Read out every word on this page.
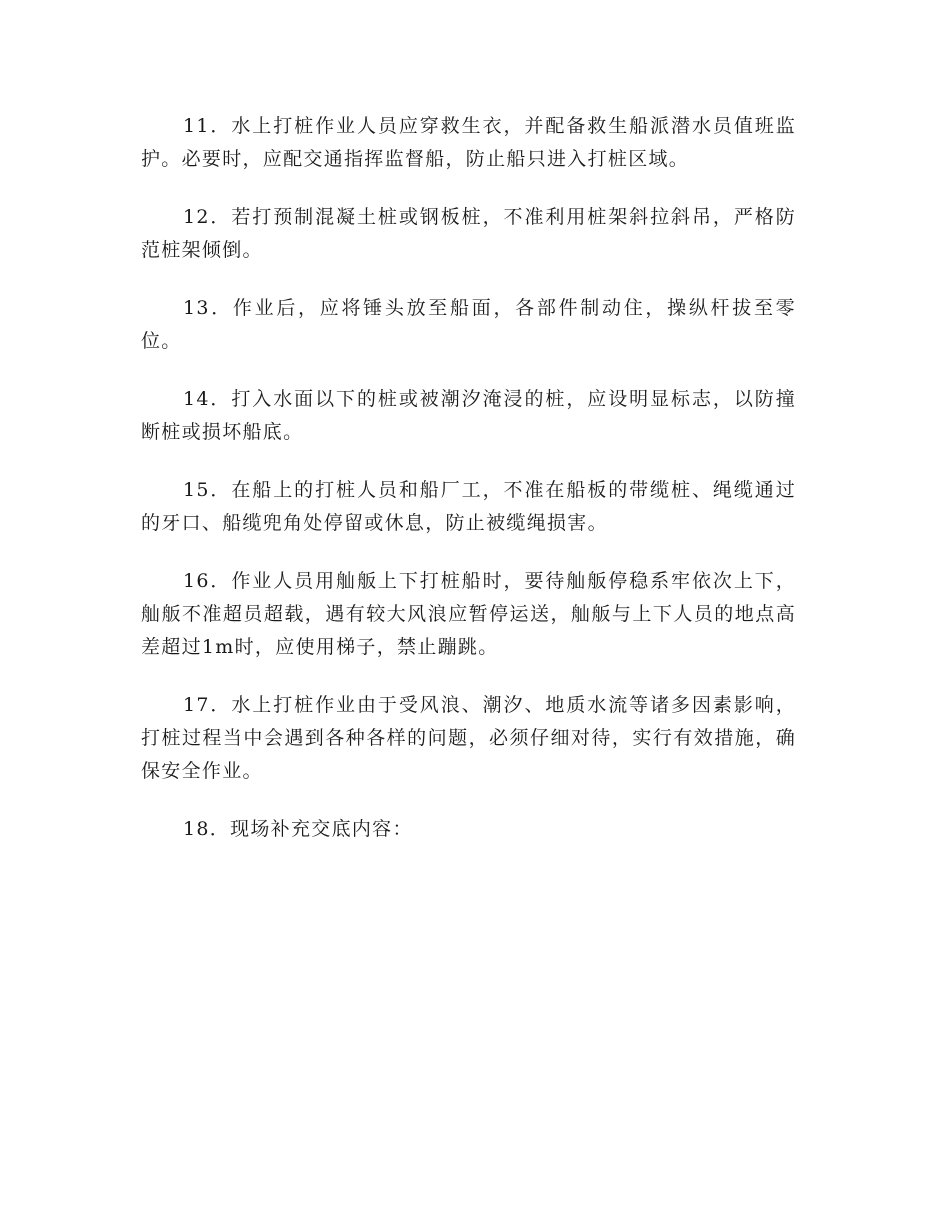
11．水上打桩作业人员应穿救生衣，并配备救生船派潜水员值班监护。必要时，应配交通指挥监督船，防止船只进入打桩区域。

12．若打预制混凝土桩或钢板桩，不准利用桩架斜拉斜吊，严格防范桩架倾倒。

13．作业后，应将锤头放至船面，各部件制动住，操纵杆拔至零位。

14．打入水面以下的桩或被潮汐淹浸的桩，应设明显标志，以防撞断桩或损坏船底。

15．在船上的打桩人员和船厂工，不准在船板的带缆桩、绳缆通过的牙口、船缆兜角处停留或休息，防止被缆绳损害。

16．作业人员用舢舨上下打桩船时，要待舢舨停稳系牢依次上下，舢舨不准超员超载，遇有较大风浪应暂停运送，舢舨与上下人员的地点高差超过1m时，应使用梯子，禁止蹦跳。

17．水上打桩作业由于受风浪、潮汐、地质水流等诸多因素影响，打桩过程当中会遇到各种各样的问题，必须仔细对待，实行有效措施，确保安全作业。

18．现场补充交底内容：
